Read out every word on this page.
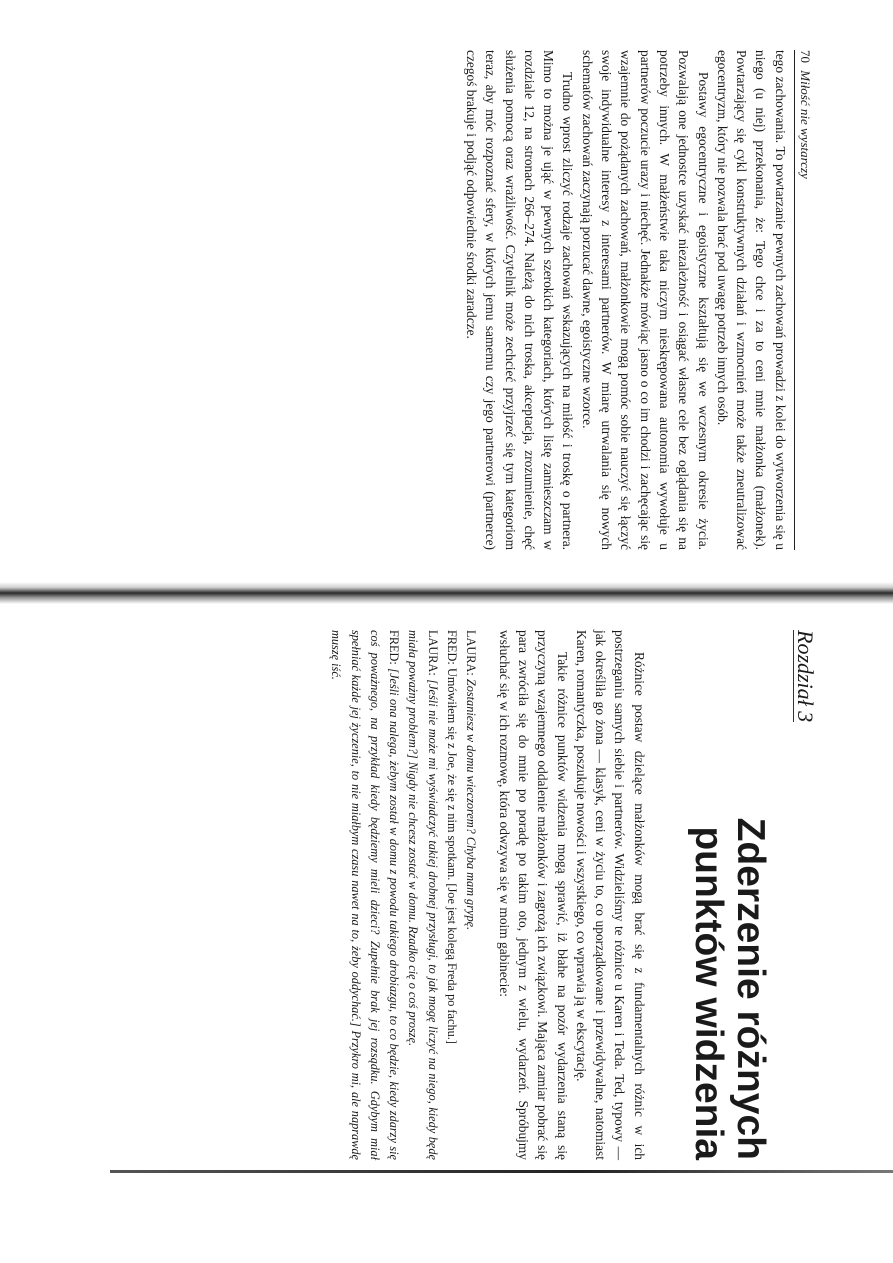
70 Miłość nie wystarczy

tego zachowania. To powtarzanie pewnych zachowań prowadzi z kolei do wytworzenia się u niego (u niej) przekonania, że: Tego chce i za to ceni mnie małżonka (małżonek). Powtarzający się cykl konstruktywnych działań i wzmocnień może także zneutralizować egocentryzm, który nie pozwala brać pod uwagę potrzeb innych osób.

Postawy egocentryczne i egoistyczne kształtują się we wczesnym okresie życia. Pozwalają one jednostce uzyskać niezależność i osiągać własne cele bez oglądania się na potrzeby innych. W małżeństwie taka niczym nieskrępowana autonomia wywołuje u partnerów poczucie urazy i niechęć. Jednakże mówiąc jasno o co im chodzi i zachęcając się wzajemnie do pożądanych zachowań, małżonkowie mogą pomóc sobie nauczyć się łączyć swoje indywidualne interesy z interesami partnerów. W miarę utrwalania się nowych schematów zachowań zaczynają porzucać dawne, egoistyczne wzorce.

Trudno wprost zliczyć rodzaje zachowań wskazujących na miłość i troskę o partnera. Mimo to można je ująć w pewnych szerokich kategoriach, których listę zamieszczam w rozdziale 12, na stronach 266–274. Należą do nich troska, akceptacja, zrozumienie, chęć służenia pomocą oraz wrażliwość. Czytelnik może zechcieć przyjrzeć się tym kategoriom teraz, aby móc rozpoznać sfery, w których jemu samemu czy jego partnerowi (partnerce) czegoś brakuje i podjąć odpowiednie środki zaradcze.

Rozdział 3
Zderzenie różnych
punktów widzenia

Różnice postaw dzielące małżonków mogą brać się z fundamentalnych różnic w ich postrzeganiu samych siebie i partnerów. Widzieliśmy te różnice u Karen i Teda. Ted, typowy — jak określiła go żona — klasyk, ceni w życiu to, co uporządkowane i przewidywalne, natomiast Karen, romantyczka, poszukuje nowości i wszystkiego, co wprawia ją w ekscytację.

Takie różnice punktów widzenia mogą sprawić, iż błahe na pozór wydarzenia staną się przyczyną wzajemnego oddalenie małżonków i zagrożą ich związkowi. Mająca zamiar pobrać się para zwróciła się do mnie po poradę po takim oto, jednym z wielu, wydarzeń. Spróbujmy wsłuchać się w ich rozmowę, która odwzywa się w moim gabinecie:

LAURA: Zostaniesz w domu wieczorem? Chyba mam grypę.

FRED: Umówiłem się z Joe, że się z nim spotkam. [Joe jest kolegą Freda po fachu.]

LAURA: [Jeśli nie może mi wyświadczyć takiej drobnej przysługi, to jak mogę liczyć na niego, kiedy będę miała poważny problem?] Nigdy nie chcesz zostać w domu. Rzadko cię o coś proszę.

FRED: [Jeśli ona nalega, żebym został w domu z powodu takiego drobiazgu, to co będzie, kiedy zdarzy się coś poważnego, na przykład kiedy będziemy mieli dzieci? Zupełnie brak jej rozsądku. Gdybym miał spełniać każde jej życzenie, to nie miałbym czasu nawet na to, żeby oddychać.] Przykro mi, ale naprawdę muszę iść.
